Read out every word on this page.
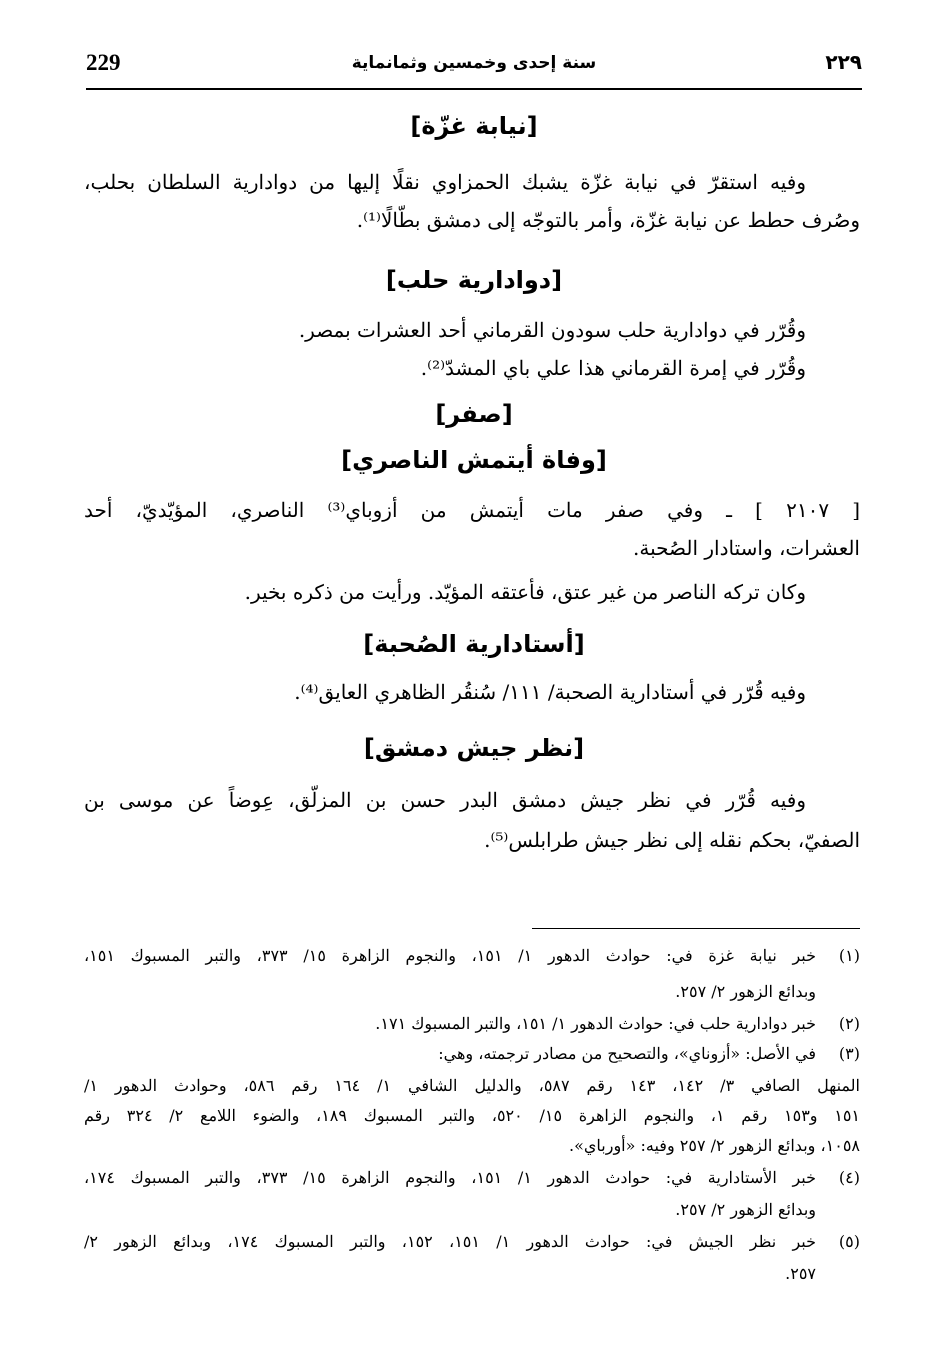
229	سنة إحدى وخمسين وثمانماية	٢٢٩
[نيابة غزّة]
وفيه استقرّ في نيابة غزّة يشبك الحمزاوي نقلًا إليها من دوادارية السلطان بحلب،
وصُرف حطط عن نيابة غزّة، وأمر بالتوجّه إلى دمشق بطّالًا⁽¹⁾.
[دوادارية حلب]
وقُرّر في دوادارية حلب سودون القرماني أحد العشرات بمصر.
وقُرّر في إمرة القرماني هذا علي باي المشدّ⁽²⁾.
[صفر]
[وفاة أيتمش الناصري]
[ ٢١٠٧ ] ـ وفي صفر مات أيتمش من أزوباي⁽³⁾ الناصري، المؤيّديّ، أحد
العشرات، واستادار الصُحبة.
وكان تركه الناصر من غير عتق، فأعتقه المؤيّد. ورأيت من ذكره بخير.
[أستادارية الصُحبة]
وفيه قُرّر في أستادارية الصحبة/ ١١١/ سُنقُر الظاهري العايق⁽⁴⁾.
[نظر جيش دمشق]
وفيه قُرّر في نظر جيش دمشق البدر حسن بن المزلّق، عِوضاً عن موسى بن
الصفيّ، بحكم نقله إلى نظر جيش طرابلس⁽⁵⁾.
(١)
خبر نيابة غزة في: حوادث الدهور ١/ ١٥١، والنجوم الزاهرة ١٥/ ٣٧٣، والتبر المسبوك ١٥١،
وبدائع الزهور ٢/ ٢٥٧.
(٢)
خبر دوادارية حلب في: حوادث الدهور ١/ ١٥١، والتبر المسبوك ١٧١.
(٣)
في الأصل: «أزوناي»، والتصحيح من مصادر ترجمته، وهي:
المنهل الصافي ٣/ ١٤٢، ١٤٣ رقم ٥٨٧، والدليل الشافي ١/ ١٦٤ رقم ٥٨٦، وحوادث الدهور ١/
١٥١ و١٥٣ رقم ١، والنجوم الزاهرة ١٥/ ٥٢٠، والتبر المسبوك ١٨٩، والضوء اللامع ٢/ ٣٢٤ رقم
١٠٥٨، وبدائع الزهور ٢/ ٢٥٧ وفيه: «أورباي».
(٤)
خبر الأستادارية في: حوادث الدهور ١/ ١٥١، والنجوم الزاهرة ١٥/ ٣٧٣، والتبر المسبوك ١٧٤،
وبدائع الزهور ٢/ ٢٥٧.
(٥)
خبر نظر الجيش في: حوادث الدهور ١/ ١٥١، ١٥٢، والتبر المسبوك ١٧٤، وبدائع الزهور ٢/
٢٥٧.
